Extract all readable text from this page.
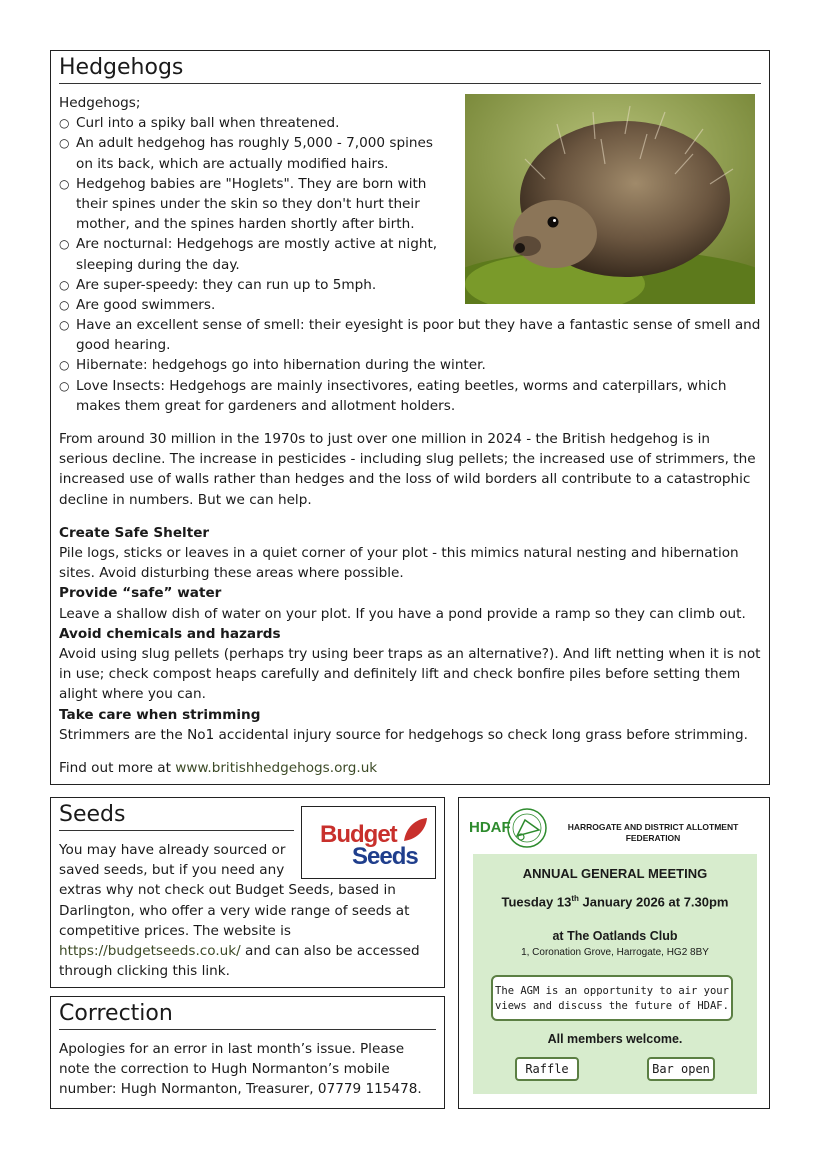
Hedgehogs

Hedgehogs;

○ Curl into a spiky ball when threatened.
○ An adult hedgehog has roughly 5,000 - 7,000 spines on its back, which are actually modified hairs.
○ Hedgehog babies are "Hoglets". They are born with their spines under the skin so they don't hurt their mother, and the spines harden shortly after birth.
○ Are nocturnal: Hedgehogs are mostly active at night, sleeping during the day.
○ Are super-speedy: they can run up to 5mph.
○ Are good swimmers.
○ Have an excellent sense of smell: their eyesight is poor but they have a fantastic sense of smell and good hearing.
○ Hibernate: hedgehogs go into hibernation during the winter.
○ Love Insects: Hedgehogs are mainly insectivores, eating beetles, worms and caterpillars, which makes them great for gardeners and allotment holders.

From around 30 million in the 1970s to just over one million in 2024 - the British hedgehog is in serious decline. The increase in pesticides - including slug pellets; the increased use of strimmers, the increased use of walls rather than hedges and the loss of wild borders all contribute to a catastrophic decline in numbers. But we can help.

Create Safe Shelter

Pile logs, sticks or leaves in a quiet corner of your plot - this mimics natural nesting and hibernation sites. Avoid disturbing these areas where possible.

Provide “safe” water

Leave a shallow dish of water on your plot. If you have a pond provide a ramp so they can climb out.

Avoid chemicals and hazards

Avoid using slug pellets (perhaps try using beer traps as an alternative?). And lift netting when it is not in use; check compost heaps carefully and definitely lift and check bonfire piles before setting them alight where you can.

Take care when strimming

Strimmers are the No1 accidental injury source for hedgehogs so check long grass before strimming.

Find out more at www.britishhedgehogs.org.uk

Seeds
Budget
Seeds

You may have already sourced or saved seeds, but if you need any extras why not check out Budget Seeds, based in Darlington, who offer a very wide range of seeds at competitive prices. The website is https://budgetseeds.co.uk/ and can also be accessed through clicking this link.

Correction

Apologies for an error in last month’s issue. Please note the correction to Hugh Normanton’s mobile number: Hugh Normanton, Treasurer, 07779 115478.

HDAF	HARROGATE AND DISTRICT ALLOTMENT
FEDERATION
ANNUAL GENERAL MEETING
Tuesday 13th January 2026 at 7.30pm
at The Oatlands Club
1, Coronation Grove, Harrogate, HG2 8BY
The AGM is an opportunity to air your
views and discuss the future of HDAF.
All members welcome.
Raffle	Bar open
